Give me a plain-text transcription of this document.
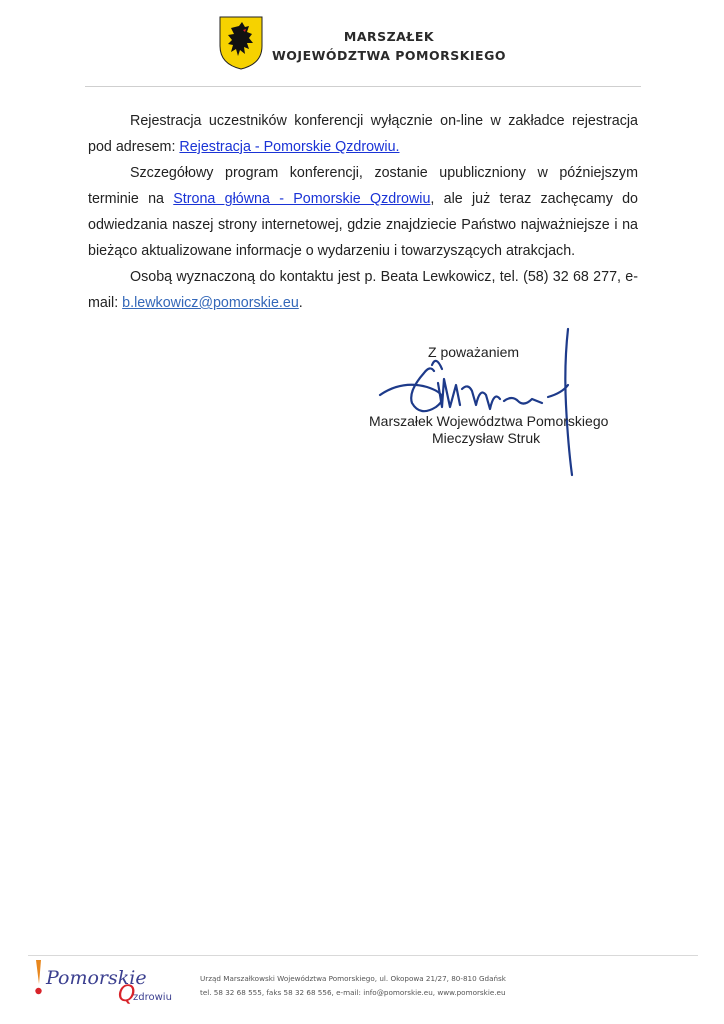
MARSZAŁEK
WOJEWÓDZTWA POMORSKIEGO

Rejestracja uczestników konferencji wyłącznie on-line w zakładce rejestracja pod adresem: Rejestracja - Pomorskie Qzdrowiu.

Szczegółowy program konferencji, zostanie upubliczniony w późniejszym terminie na Strona główna - Pomorskie Qzdrowiu, ale już teraz zachęcamy do odwiedzania naszej strony internetowej, gdzie znajdziecie Państwo najważniejsze i na bieżąco aktualizowane informacje o wydarzeniu i towarzyszących atrakcjach.

Osobą wyznaczoną do kontaktu jest p. Beata Lewkowicz, tel. (58) 32 68 277, e-mail: b.lewkowicz@pomorskie.eu.

Z poważaniem
Marszałek Województwa Pomorskiego
Mieczysław Struk
Pomorskie
Q
zdrowiu
Urząd Marszałkowski Województwa Pomorskiego, ul. Okopowa 21/27, 80-810 Gdańsk
tel. 58 32 68 555, faks 58 32 68 556, e-mail: info@pomorskie.eu, www.pomorskie.eu
